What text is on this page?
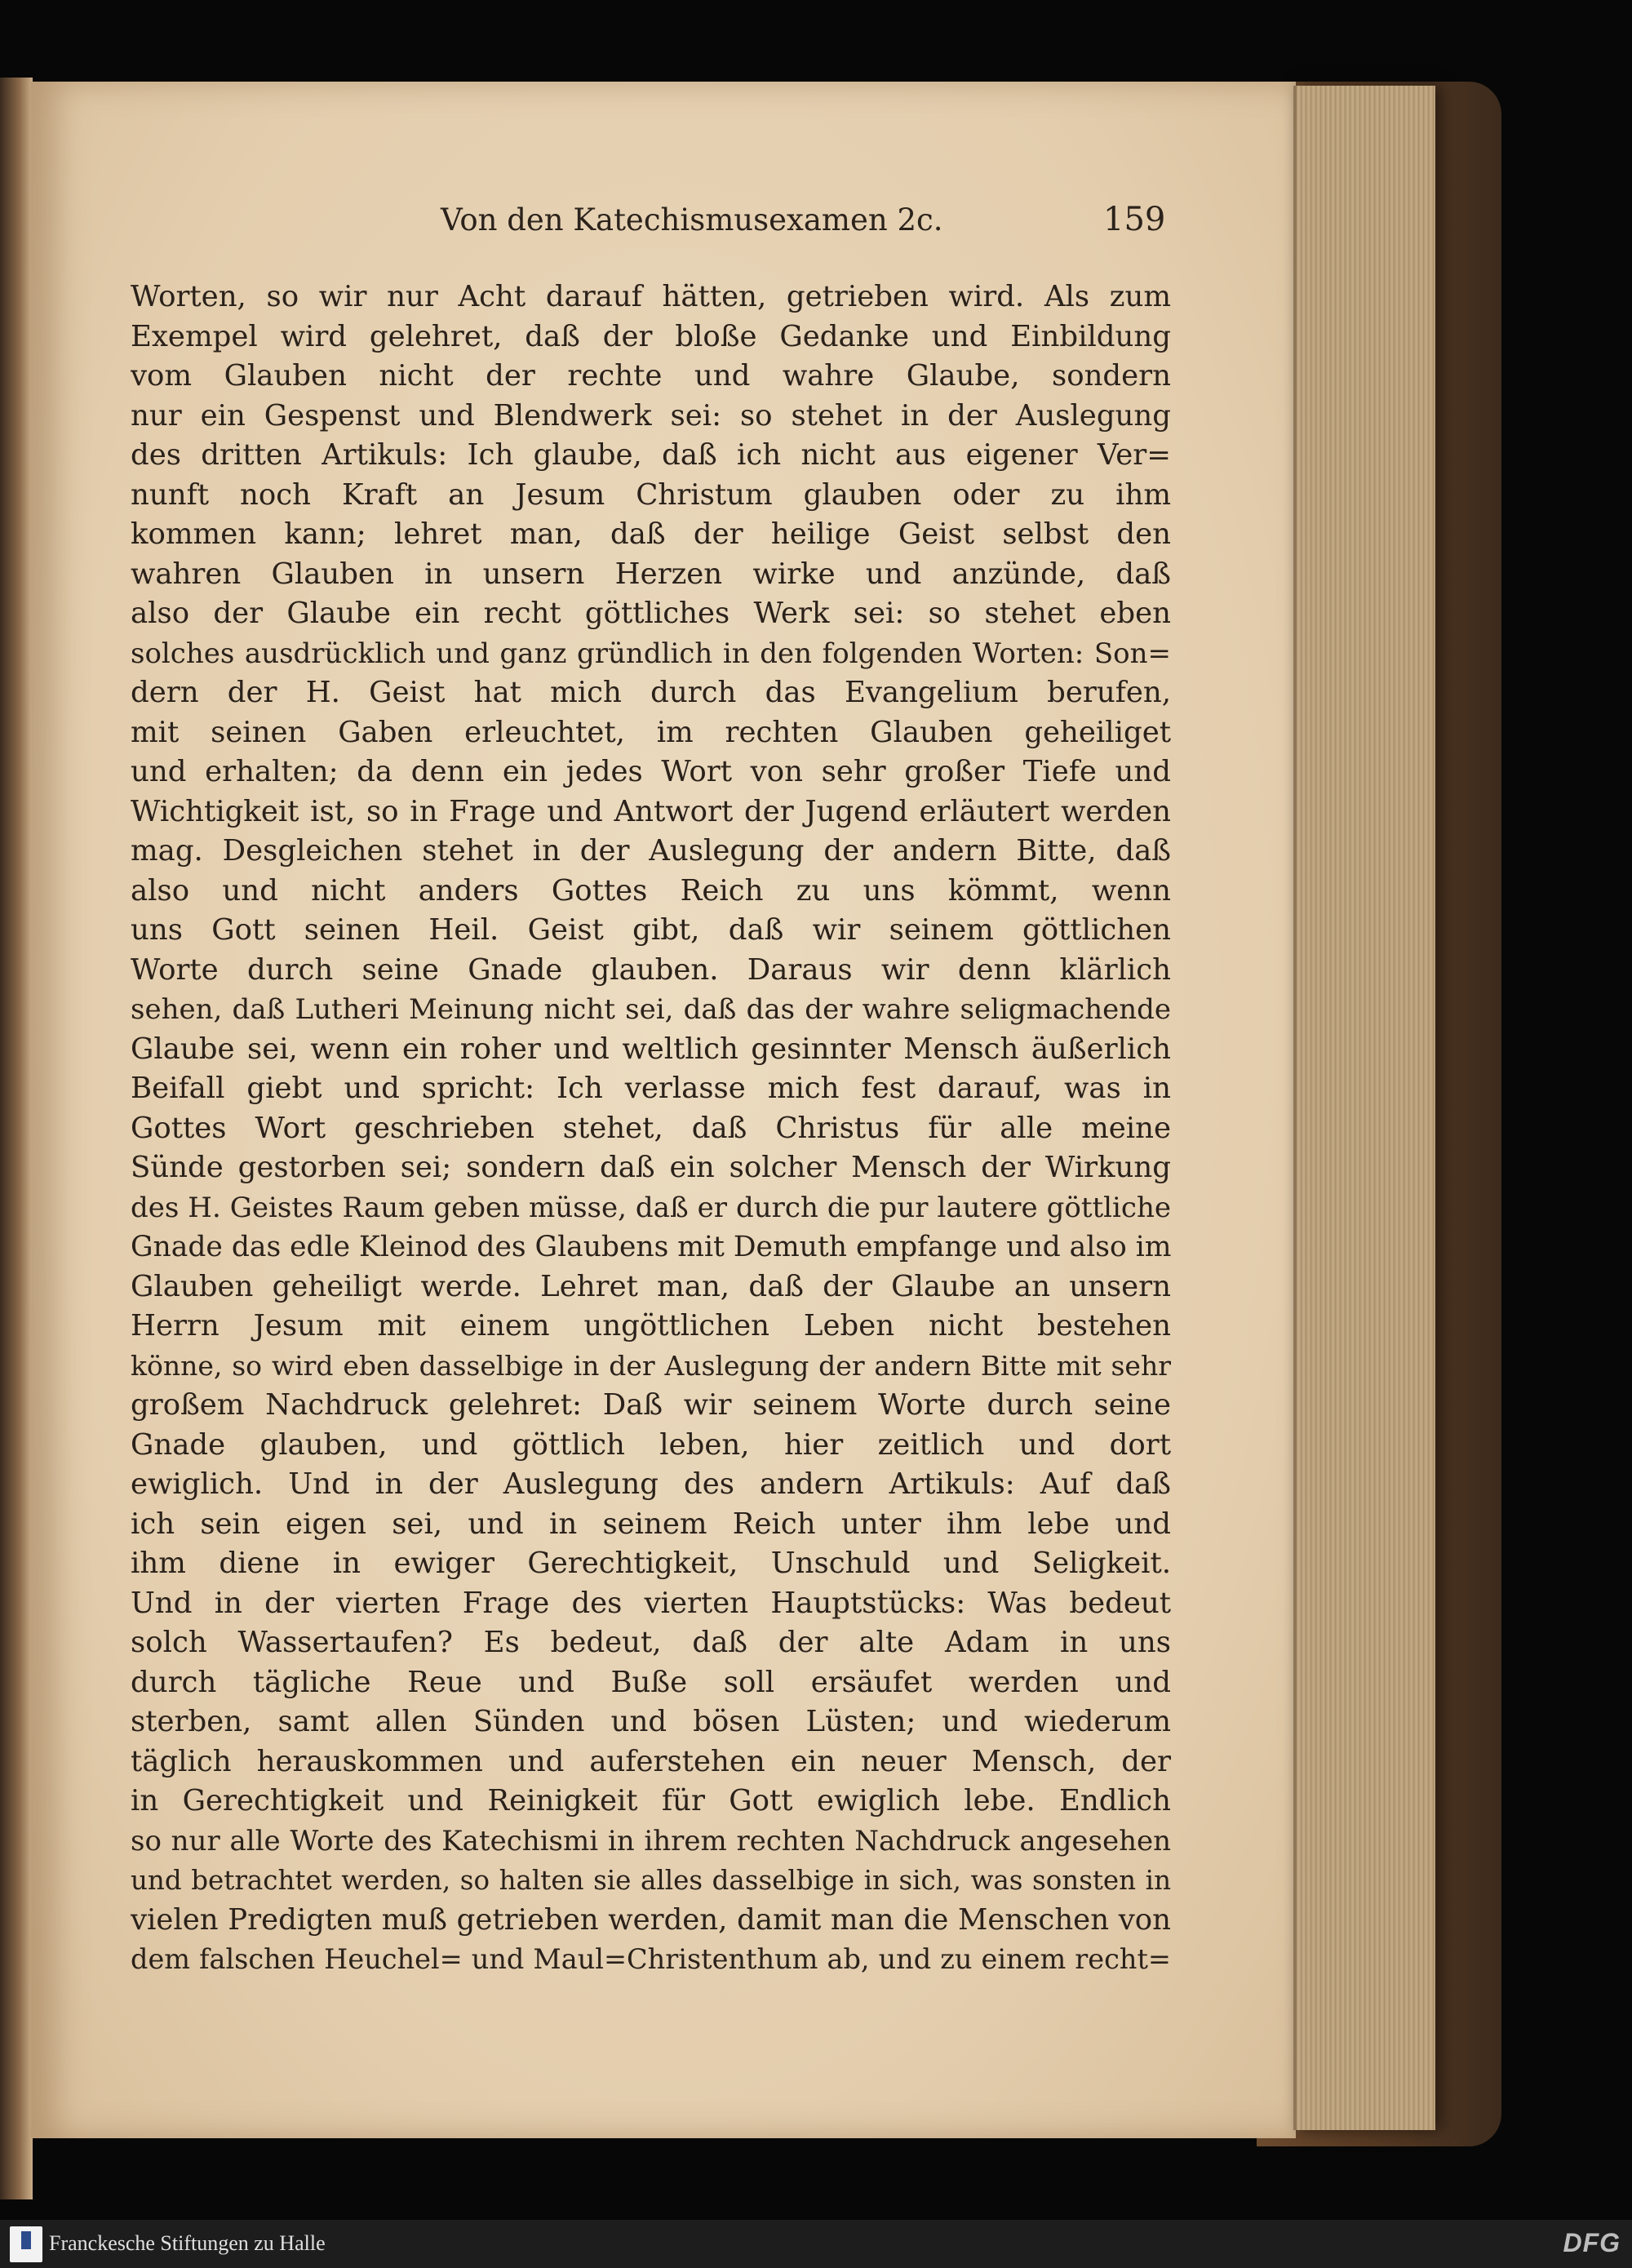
Von den Katechismusexamen 2c.	159
Worten, so wir nur Acht darauf hätten, getrieben wird. Als zum
Exempel wird gelehret, daß der bloße Gedanke und Einbildung
vom Glauben nicht der rechte und wahre Glaube, sondern
nur ein Gespenst und Blendwerk sei: so stehet in der Auslegung
des dritten Artikuls: Ich glaube, daß ich nicht aus eigener Ver=
nunft noch Kraft an Jesum Christum glauben oder zu ihm
kommen kann; lehret man, daß der heilige Geist selbst den
wahren Glauben in unsern Herzen wirke und anzünde, daß
also der Glaube ein recht göttliches Werk sei: so stehet eben
solches ausdrücklich und ganz gründlich in den folgenden Worten: Son=
dern der H. Geist hat mich durch das Evangelium berufen,
mit seinen Gaben erleuchtet, im rechten Glauben geheiliget
und erhalten; da denn ein jedes Wort von sehr großer Tiefe und
Wichtigkeit ist, so in Frage und Antwort der Jugend erläutert werden
mag. Desgleichen stehet in der Auslegung der andern Bitte, daß
also und nicht anders Gottes Reich zu uns kömmt, wenn
uns Gott seinen Heil. Geist gibt, daß wir seinem göttlichen
Worte durch seine Gnade glauben. Daraus wir denn klärlich
sehen, daß Lutheri Meinung nicht sei, daß das der wahre seligmachende
Glaube sei, wenn ein roher und weltlich gesinnter Mensch äußerlich
Beifall giebt und spricht: Ich verlasse mich fest darauf, was in
Gottes Wort geschrieben stehet, daß Christus für alle meine
Sünde gestorben sei; sondern daß ein solcher Mensch der Wirkung
des H. Geistes Raum geben müsse, daß er durch die pur lautere göttliche
Gnade das edle Kleinod des Glaubens mit Demuth empfange und also im
Glauben geheiligt werde. Lehret man, daß der Glaube an unsern
Herrn Jesum mit einem ungöttlichen Leben nicht bestehen
könne, so wird eben dasselbige in der Auslegung der andern Bitte mit sehr
großem Nachdruck gelehret: Daß wir seinem Worte durch seine
Gnade glauben, und göttlich leben, hier zeitlich und dort
ewiglich. Und in der Auslegung des andern Artikuls: Auf daß
ich sein eigen sei, und in seinem Reich unter ihm lebe und
ihm diene in ewiger Gerechtigkeit, Unschuld und Seligkeit.
Und in der vierten Frage des vierten Hauptstücks: Was bedeut
solch Wassertaufen? Es bedeut, daß der alte Adam in uns
durch tägliche Reue und Buße soll ersäufet werden und
sterben, samt allen Sünden und bösen Lüsten; und wiederum
täglich herauskommen und auferstehen ein neuer Mensch, der
in Gerechtigkeit und Reinigkeit für Gott ewiglich lebe. Endlich
so nur alle Worte des Katechismi in ihrem rechten Nachdruck angesehen
und betrachtet werden, so halten sie alles dasselbige in sich, was sonsten in
vielen Predigten muß getrieben werden, damit man die Menschen von
dem falschen Heuchel= und Maul=Christenthum ab, und zu einem recht=
Franckesche Stiftungen zu Halle	DFG
